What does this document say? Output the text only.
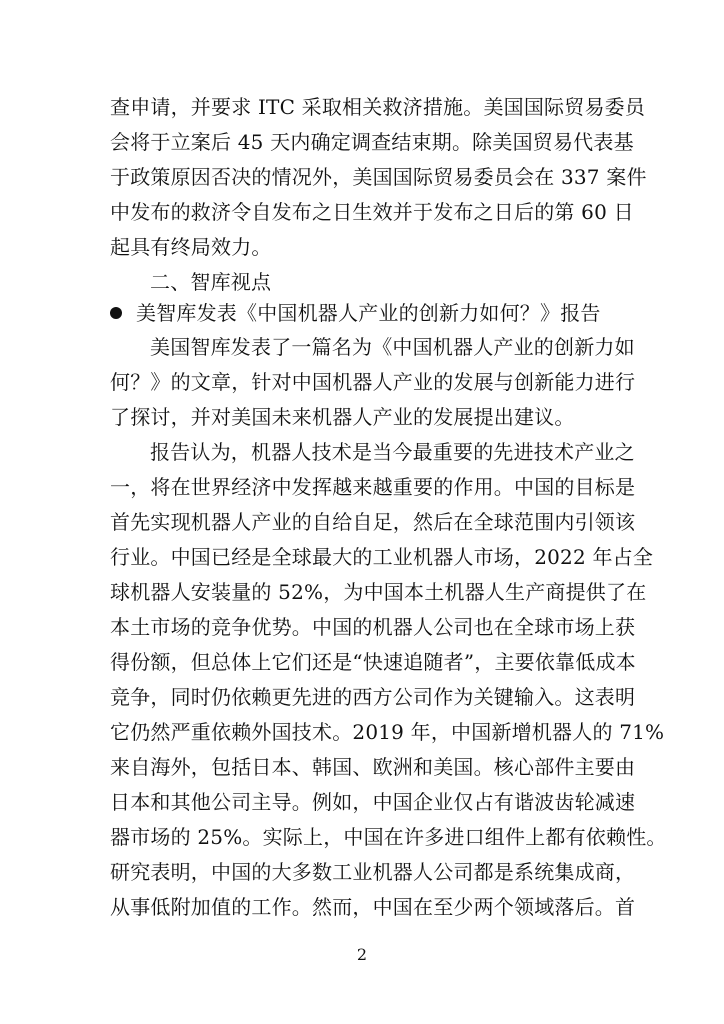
查申请，并要求 ITC 采取相关救济措施。美国国际贸易委员
会将于立案后 45 天内确定调查结束期。除美国贸易代表基
于政策原因否决的情况外，美国国际贸易委员会在 337 案件
中发布的救济令自发布之日生效并于发布之日后的第 60 日
起具有终局效力。
二、智库视点
美智库发表《中国机器人产业的创新力如何？》报告
美国智库发表了一篇名为《中国机器人产业的创新力如
何？》的文章，针对中国机器人产业的发展与创新能力进行
了探讨，并对美国未来机器人产业的发展提出建议。
报告认为，机器人技术是当今最重要的先进技术产业之
一，将在世界经济中发挥越来越重要的作用。中国的目标是
首先实现机器人产业的自给自足，然后在全球范围内引领该
行业。中国已经是全球最大的工业机器人市场，2022 年占全
球机器人安装量的 52%，为中国本土机器人生产商提供了在
本土市场的竞争优势。中国的机器人公司也在全球市场上获
得份额，但总体上它们还是“快速追随者”，主要依靠低成本
竞争，同时仍依赖更先进的西方公司作为关键输入。这表明
它仍然严重依赖外国技术。2019 年，中国新增机器人的 71%
来自海外，包括日本、韩国、欧洲和美国。核心部件主要由
日本和其他公司主导。例如，中国企业仅占有谐波齿轮减速
器市场的 25%。实际上，中国在许多进口组件上都有依赖性。
研究表明，中国的大多数工业机器人公司都是系统集成商，
从事低附加值的工作。然而，中国在至少两个领域落后。首
2
